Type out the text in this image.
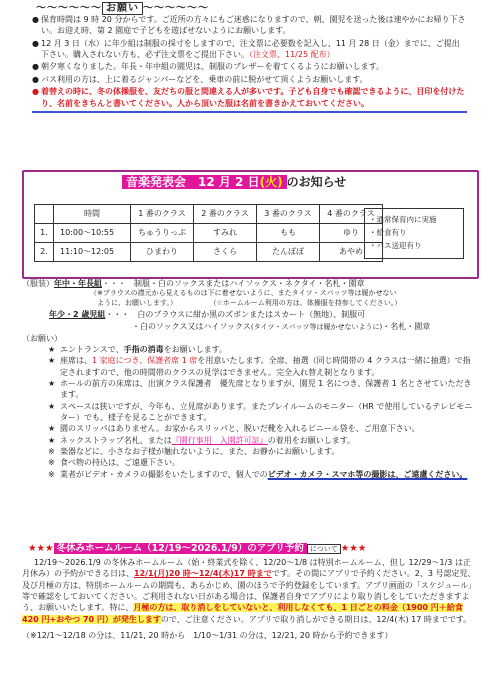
〜〜〜〜〜〜 お願い 〜〜〜〜〜〜
● 保育時間は 9 時 20 分からです。ご近所の方々にもご迷惑になりますので、朝、園児を送った後は速やかにお帰り下さい。お迎え時、第 2 園庭で子どもを遊ばせないようにお願いします。
● 12 月 3 日（水）に年少組は制服の採寸をしますので、注文票に必要数を記入し、11 月 28 日（金）までに、ご提出下さい。購入されない方も、必ず注文票をご提出下さい。（注文票、11/25 配布）
● 朝夕寒くなりました。年長・年中組の園児は、制服のブレザーを着てくるようにお願いします。
● バス利用の方は、上に着るジャンパーなどを、乗車の前に脱がせて頂くようお願いします。
● 着替えの時に、冬の体操服を、友だちの服と間違える人が多いです。子ども自身でも確認できるように、目印を付けたり、名前をきちんと書いてください。人から頂いた服は名前を書きかえておいてください。
音楽発表会　12 月 2 日(火) のお知らせ
	時間	1 番のクラス	2 番のクラス	3 番のクラス	4 番のクラス
1.	10:00〜10:55	ちゅうりっぷ	すみれ	もも	ゆり
2.	11:10〜12:05	ひまわり	さくら	たんぽぽ	あやめ
・通常保育内に実施
・給食有り
・バス送迎有り
（服装）年中・年長組・・・　制服・白のソックスまたはハイソックス・ネクタイ・名札・園章
（※ブラウスの襟元から見えるものは下に着せないように、またタイツ・スパッツ等は履かせない
ように、お願いします。）	（☆ホームルーム利用の方は、体操服を持参してください。）
年少・2 歳児組・・・　白のブラウスに紺か黒のズボンまたはスカート（無地）、制服可
・白のソックス又はハイソックス(タイツ・スパッツ等は履かせないように)・名札・園章
（お願い）
★ エントランスで、手指の消毒をお願いします。
★ 座席は、1 家庭につき、保護者席 1 席を用意いたします。全席、抽選（同じ時間帯の 4 クラスは一緒に抽選）で指定されますので、他の時間帯のクラスの見学はできません。完全入れ替え制となります。
★ ホールの前方の床席は、出演クラス保護者　優先席となりますが、園児 1 名につき、保護者 1 名とさせていただきます。
★ スペースは狭いですが、今年も、立見席があります。またプレイルームのモニター（HR で使用しているテレビモニター）でも、様子を見ることができます。
★ 園のスリッパはありません。お家からスリッパと、脱いだ靴を入れるビニール袋を、ご用意下さい。
★ ネックストラップ名札、または『園行事用　入園許可証』の着用をお願いします。
※ 楽器などに、小さなお子様が触れないように、また、お静かにお願いします。
※ 食べ物の持込は、ご遠慮下さい。
※ 業者がビデオ・カメラの撮影をいたしますので、個人でのビデオ・カメラ・スマホ等の撮影は、ご遠慮ください。
★★★ 冬休みホームルーム（12/19〜2026.1/9）のアプリ予約 について ★★★

12/19〜2026.1/9 の冬休みホームルーム（始・終業式を除く、12/20〜1/8 は特別ホームルーム、但し 12/29〜1/3 は正月休み）の予約ができる日は、12/1(月)20 時〜12/4(木)17 時までです。その間にアプリで予約ください。2、3 号認定児、及び月極の方は、特別ホームルームの期間も、あらかじめ、園のほうで予約登録をしています。アプリ画面の「スケジュール」等で確認をしておいてください。ご利用されない日がある場合は、保護者自身でアプリにより取り消しをしていただきますよう、お願いいたします。特に、月極の方は、取り消しをしていないと、利用しなくても、1 日ごとの料金（1900 円＋給食 420 円+おやつ 70 円）が発生しますので、ご注意ください。アプリで取り消しができる期日は、12/4(木) 17 時までです。

（※12/1〜12/18 の分は、11/21, 20 時から　1/10〜1/31 の分は、12/21, 20 時から予約できます）
